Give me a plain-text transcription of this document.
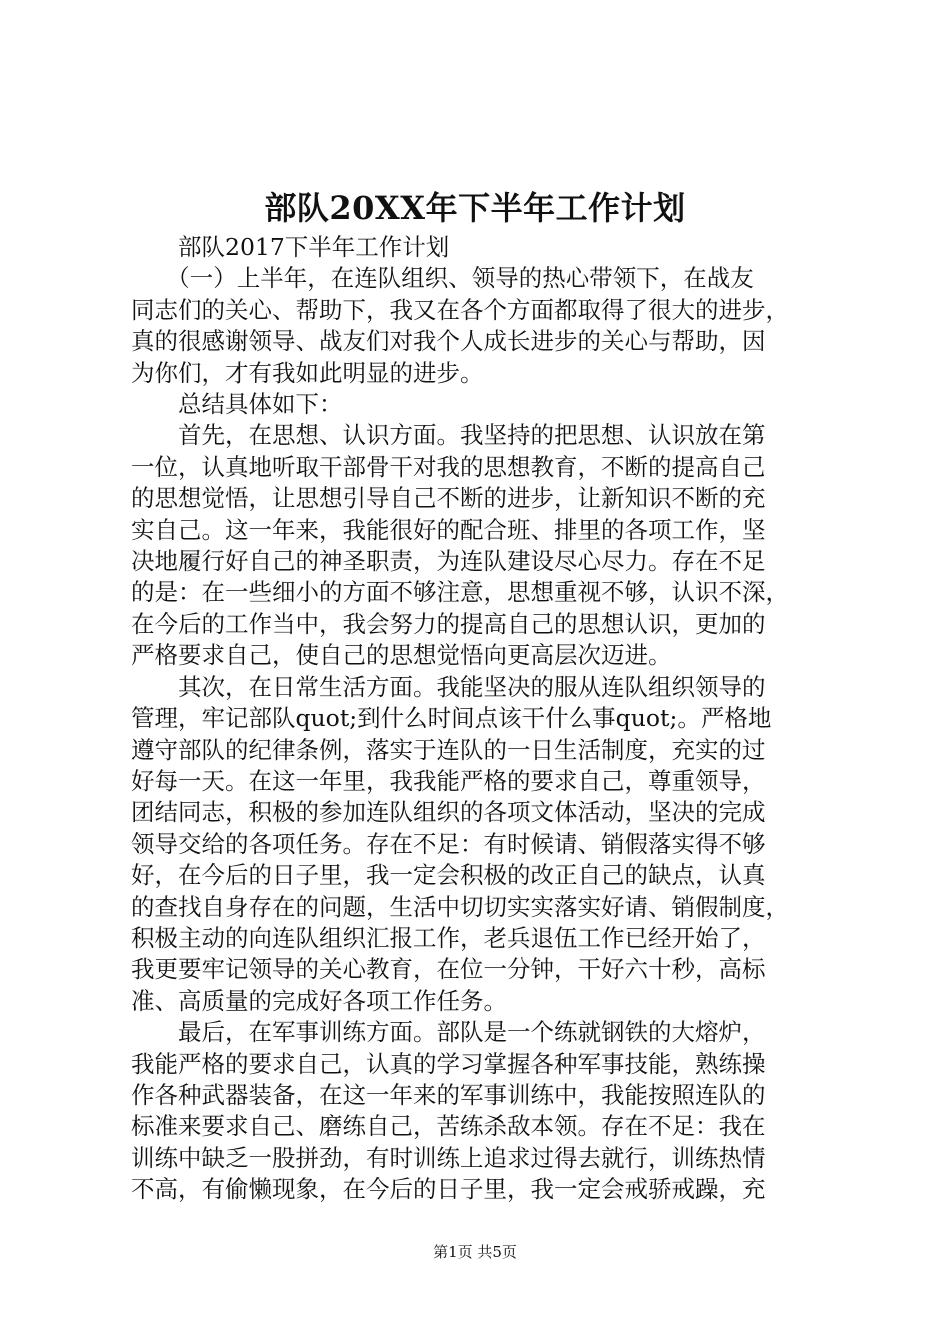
部队20XX年下半年工作计划
　　部队2017下半年工作计划
　　（一）上半年，在连队组织、领导的热心带领下，在战友
同志们的关心、帮助下，我又在各个方面都取得了很大的进步，
真的很感谢领导、战友们对我个人成长进步的关心与帮助，因
为你们，才有我如此明显的进步。
　　总结具体如下：
　　首先，在思想、认识方面。我坚持的把思想、认识放在第
一位，认真地听取干部骨干对我的思想教育，不断的提高自己
的思想觉悟，让思想引导自己不断的进步，让新知识不断的充
实自己。这一年来，我能很好的配合班、排里的各项工作，坚
决地履行好自己的神圣职责，为连队建设尽心尽力。存在不足
的是：在一些细小的方面不够注意，思想重视不够，认识不深，
在今后的工作当中，我会努力的提高自己的思想认识，更加的
严格要求自己，使自己的思想觉悟向更高层次迈进。
　　其次，在日常生活方面。我能坚决的服从连队组织领导的
管理，牢记部队quot;到什么时间点该干什么事quot;。严格地
遵守部队的纪律条例，落实于连队的一日生活制度，充实的过
好每一天。在这一年里，我我能严格的要求自己，尊重领导，
团结同志，积极的参加连队组织的各项文体活动，坚决的完成
领导交给的各项任务。存在不足：有时候请、销假落实得不够
好，在今后的日子里，我一定会积极的改正自己的缺点，认真
的查找自身存在的问题，生活中切切实实落实好请、销假制度，
积极主动的向连队组织汇报工作，老兵退伍工作已经开始了，
我更要牢记领导的关心教育，在位一分钟，干好六十秒，高标
准、高质量的完成好各项工作任务。
　　最后，在军事训练方面。部队是一个练就钢铁的大熔炉，
我能严格的要求自己，认真的学习掌握各种军事技能，熟练操
作各种武器装备，在这一年来的军事训练中，我能按照连队的
标准来要求自己、磨练自己，苦练杀敌本领。存在不足：我在
训练中缺乏一股拼劲，有时训练上追求过得去就行，训练热情
不高，有偷懒现象，在今后的日子里，我一定会戒骄戒躁，充
第1页 共5页
